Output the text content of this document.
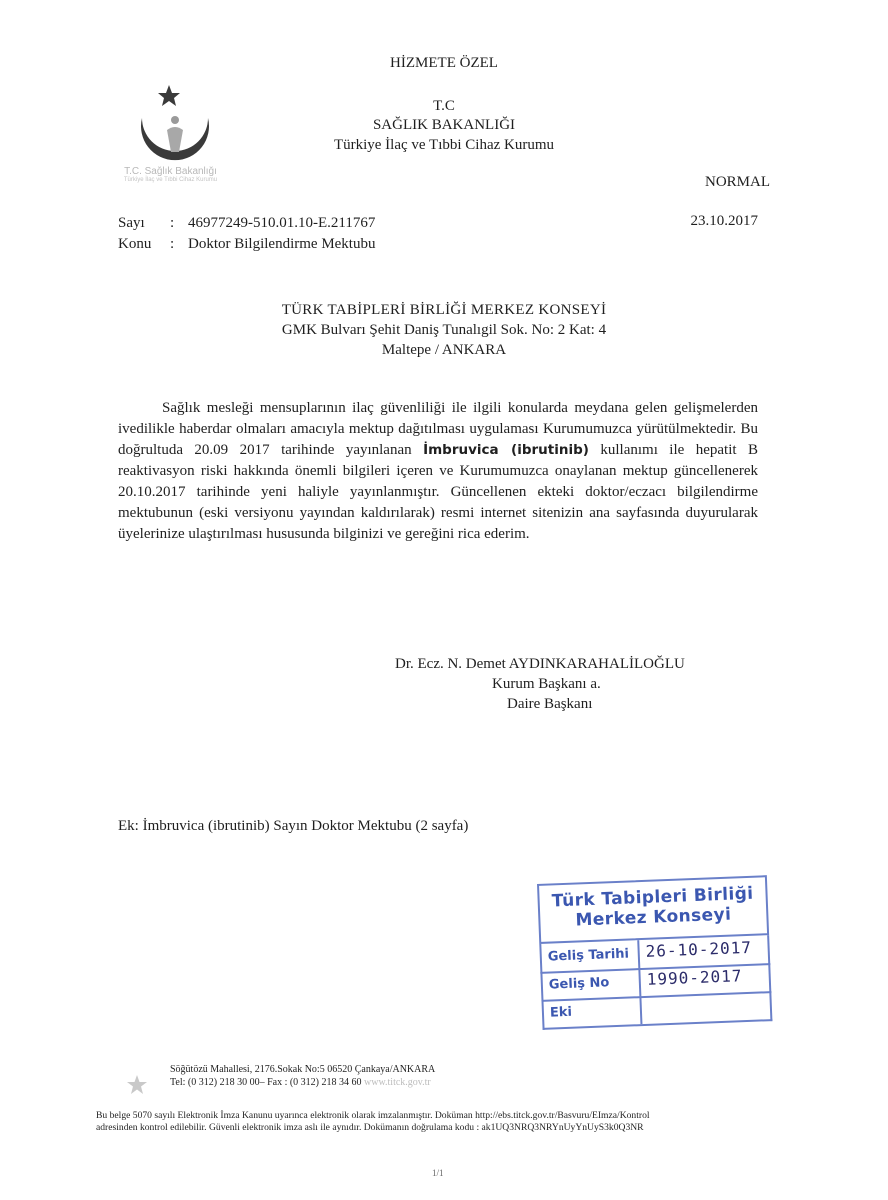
HİZMETE ÖZEL
T.C
SAĞLIK BAKANLIĞI
Türkiye İlaç ve Tıbbi Cihaz Kurumu
T.C. Sağlık Bakanlığı
Türkiye İlaç ve Tıbbi Cihaz Kurumu	NORMAL
23.10.2017
Sayı : 46977249-510.01.10-E.211767
Konu : Doktor Bilgilendirme Mektubu
TÜRK TABİPLERİ BİRLİĞİ MERKEZ KONSEYİ
GMK Bulvarı Şehit Daniş Tunalıgil Sok. No: 2 Kat: 4
Maltepe / ANKARA
Sağlık mesleği mensuplarının ilaç güvenliliği ile ilgili konularda meydana gelen gelişmelerden ivedilikle haberdar olmaları amacıyla mektup dağıtılması uygulaması Kurumumuzca yürütülmektedir. Bu doğrultuda 20.09 2017 tarihinde yayınlanan İmbruvica (ibrutinib) kullanımı ile hepatit B reaktivasyon riski hakkında önemli bilgileri içeren ve Kurumumuzca onaylanan mektup güncellenerek 20.10.2017 tarihinde yeni haliyle yayınlanmıştır. Güncellenen ekteki doktor/eczacı bilgilendirme mektubunun (eski versiyonu yayından kaldırılarak) resmi internet sitenizin ana sayfasında duyurularak üyelerinize ulaştırılması hususunda bilginizi ve gereğini rica ederim.
Dr. Ecz. N. Demet AYDINKARAHALİLOĞLU
Kurum Başkanı a.
Daire Başkanı
Ek: İmbruvica (ibrutinib) Sayın Doktor Mektubu (2 sayfa)
Türk Tabipleri Birliği
Merkez Konseyi
Geliş Tarihi 26-10-2017
Geliş No	1990-2017
Eki
Söğütözü Mahallesi, 2176.Sokak No:5 06520 Çankaya/ANKARA
Tel: (0 312) 218 30 00– Fax : (0 312) 218 34 60 www.titck.gov.tr
Bu belge 5070 sayılı Elektronik İmza Kanunu uyarınca elektronik olarak imzalanmıştır. Doküman http://ebs.titck.gov.tr/Basvuru/EImza/Kontrol
adresinden kontrol edilebilir. Güvenli elektronik imza aslı ile aynıdır. Dokümanın doğrulama kodu : ak1UQ3NRQ3NRYnUyYnUyS3k0Q3NR
1/1
